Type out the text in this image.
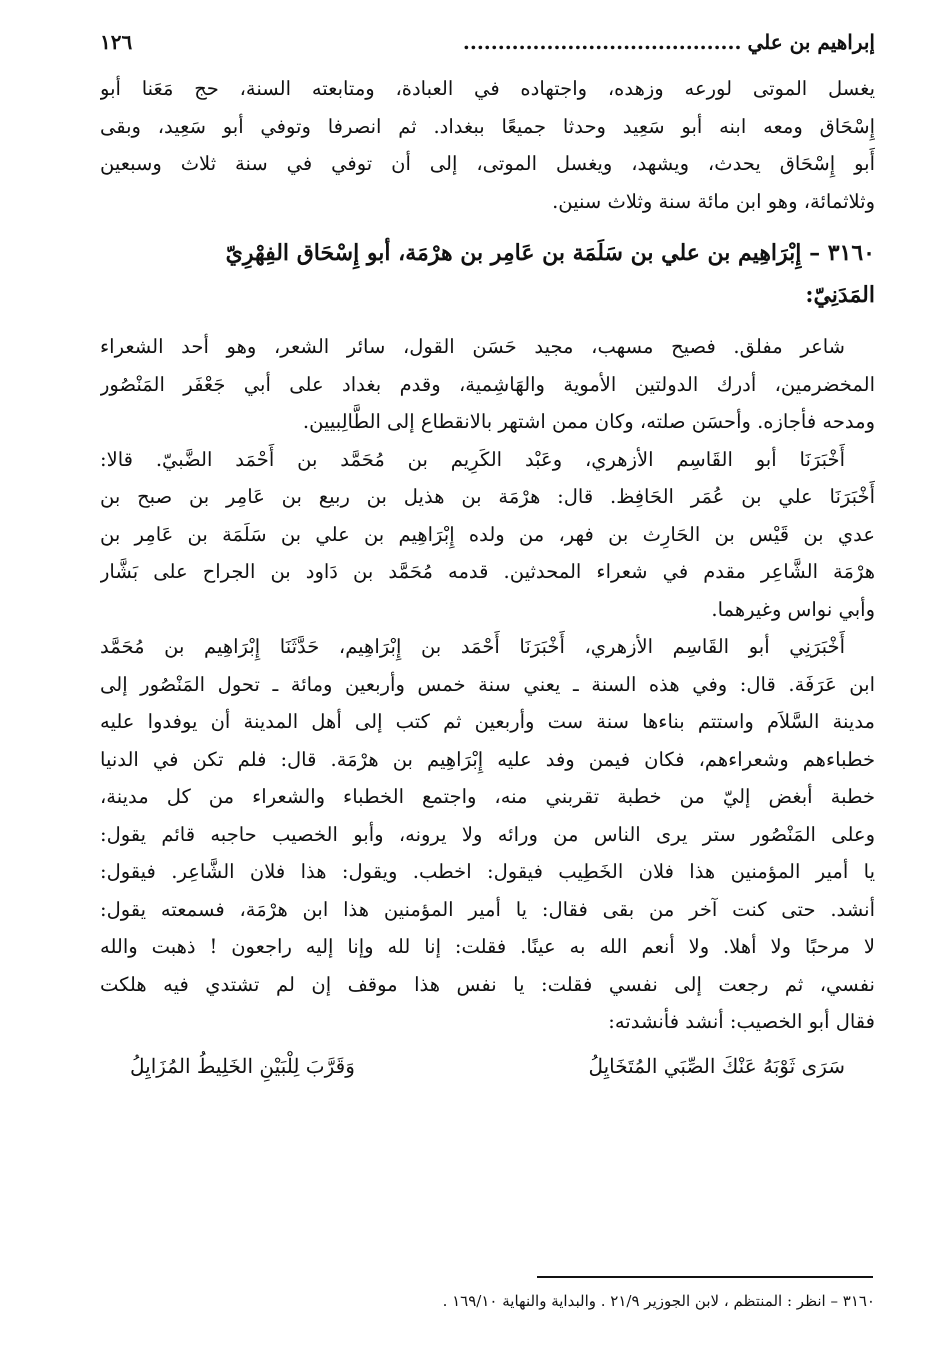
إبراهيم بن علي
........................................
١٢٦
يغسل الموتى لورعه وزهده، واجتهاده في العبادة، ومتابعته السنة، حج مَعَنا أبو
إِسْحَاق ومعه ابنه أبو سَعِيد وحدثا جميعًا ببغداد. ثم انصرفا وتوفي أبو سَعِيد، وبقى
أَبو إِسْحَاق يحدث، ويشهد، ويغسل الموتى، إلى أن توفي في سنة ثلاث وسبعين
وثلاثمائة، وهو ابن مائة سنة وثلاث سنين.
٣١٦٠ – إِبْرَاهِيم بن علي بن سَلَمَة بن عَامِر بن هرْمَة، أبو إِسْحَاق الفِهْرِيّ
المَدَنِيّ:
شاعر مفلق. فصيح مسهب، مجيد حَسَن القول، سائر الشعر، وهو أحد الشعراء
المخضرمين، أدرك الدولتين الأموية والهَاشِمية، وقدم بغداد على أبي جَعْفَر المَنْصُور
ومدحه فأجازه. وأحسَن صلته، وكان ممن اشتهر بالانقطاع إلى الطَّالِبيين.
أَخْبَرَنَا أبو القَاسِم الأزهري، وعَبْد الكَرِيم بن مُحَمَّد بن أَحْمَد الضَّبيّ. قالا:
أَخْبَرَنَا علي بن عُمَر الحَافِظ. قال: هرْمَة بن هذيل بن ربيع بن عَامِر بن صبح بن
عدي بن قَيْس بن الحَارِث بن فهر، من ولده إِبْرَاهِيم بن علي بن سَلَمَة بن عَامِر بن
هرْمَة الشَّاعِر مقدم في شعراء المحدثين. قدمه مُحَمَّد بن دَاود بن الجراح على بَشَّار
وأبي نواس وغيرهما.
أَخْبَرَنِي أبو القَاسِم الأزهري، أَخْبَرَنَا أَحْمَد بن إِبْرَاهِيم، حَدَّثَنَا إِبْرَاهِيم بن مُحَمَّد
ابن عَرَفَة. قال: وفي هذه السنة ـ يعني سنة خمس وأربعين ومائة ـ تحول المَنْصُور إلى
مدينة السَّلاَم واستتم بناءها سنة ست وأربعين ثم كتب إلى أهل المدينة أن يوفدوا عليه
خطباءهم وشعراءهم، فكان فيمن وفد عليه إِبْرَاهِيم بن هرْمَة. قال: فلم تكن في الدنيا
خطبة أبغض إليّ من خطبة تقربني منه، واجتمع الخطباء والشعراء من كل مدينة،
وعلى المَنْصُور ستر يرى الناس من ورائه ولا يرونه، وأبو الخصيب حاجبه قائم يقول:
يا أمير المؤمنين هذا فلان الخَطِيب فيقول: اخطب. ويقول: هذا فلان الشَّاعِر. فيقول:
أنشد. حتى كنت آخر من بقى فقال: يا أمير المؤمنين هذا ابن هرْمَة، فسمعته يقول:
لا مرحبًا ولا أهلا. ولا أنعم الله به عينًا. فقلت: إنا لله وإنا إليه راجعون ! ذهبت والله
نفسي، ثم رجعت إلى نفسي فقلت: يا نفس هذا موقف إن لم تشتدي فيه هلكت
فقال أبو الخصيب: أنشد فأنشدته:
سَرَى ثَوْبَهُ عَنْكَ الصِّبَي المُتَخَايِلُ
وَقَرَّبَ لِلْبَيْنِ الخَلِيطُ المُزَايِلُ
٣١٦٠ – انظر : المنتظم ، لابن الجوزير ٢١/٩ . والبداية والنهاية ١٦٩/١٠ .
